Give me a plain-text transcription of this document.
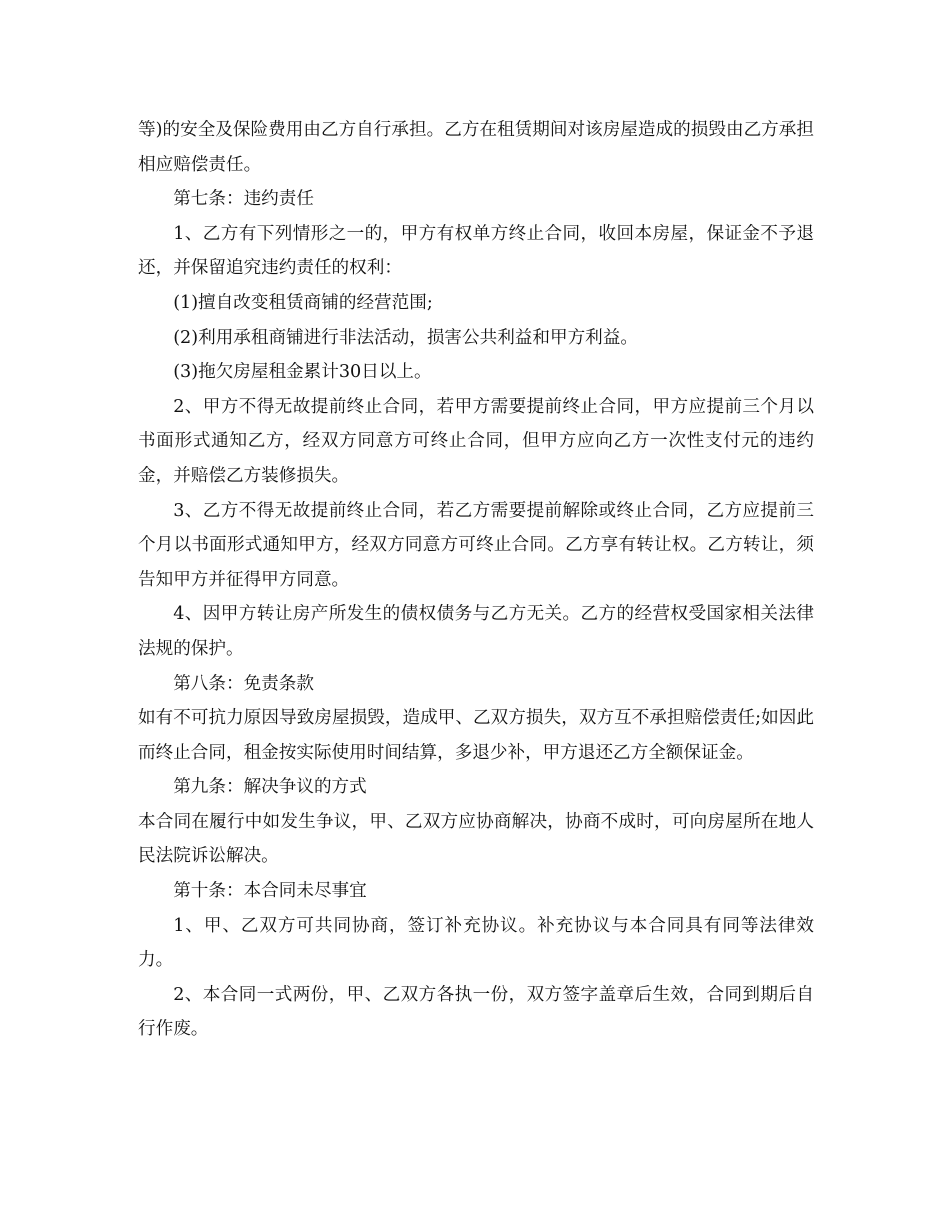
等)的安全及保险费用由乙方自行承担。乙方在租赁期间对该房屋造成的损毁由乙方承担相应赔偿责任。

第七条：违约责任

1、乙方有下列情形之一的，甲方有权单方终止合同，收回本房屋，保证金不予退还，并保留追究违约责任的权利：

(1)擅自改变租赁商铺的经营范围;

(2)利用承租商铺进行非法活动，损害公共利益和甲方利益。

(3)拖欠房屋租金累计30日以上。

2、甲方不得无故提前终止合同，若甲方需要提前终止合同，甲方应提前三个月以书面形式通知乙方，经双方同意方可终止合同，但甲方应向乙方一次性支付元的违约金，并赔偿乙方装修损失。

3、乙方不得无故提前终止合同，若乙方需要提前解除或终止合同，乙方应提前三个月以书面形式通知甲方，经双方同意方可终止合同。乙方享有转让权。乙方转让，须告知甲方并征得甲方同意。

4、因甲方转让房产所发生的债权债务与乙方无关。乙方的经营权受国家相关法律法规的保护。

第八条：免责条款

如有不可抗力原因导致房屋损毁，造成甲、乙双方损失，双方互不承担赔偿责任;如因此而终止合同，租金按实际使用时间结算，多退少补，甲方退还乙方全额保证金。

第九条：解决争议的方式

本合同在履行中如发生争议，甲、乙双方应协商解决，协商不成时，可向房屋所在地人民法院诉讼解决。

第十条：本合同未尽事宜

1、甲、乙双方可共同协商，签订补充协议。补充协议与本合同具有同等法律效力。

2、本合同一式两份，甲、乙双方各执一份，双方签字盖章后生效，合同到期后自行作废。
